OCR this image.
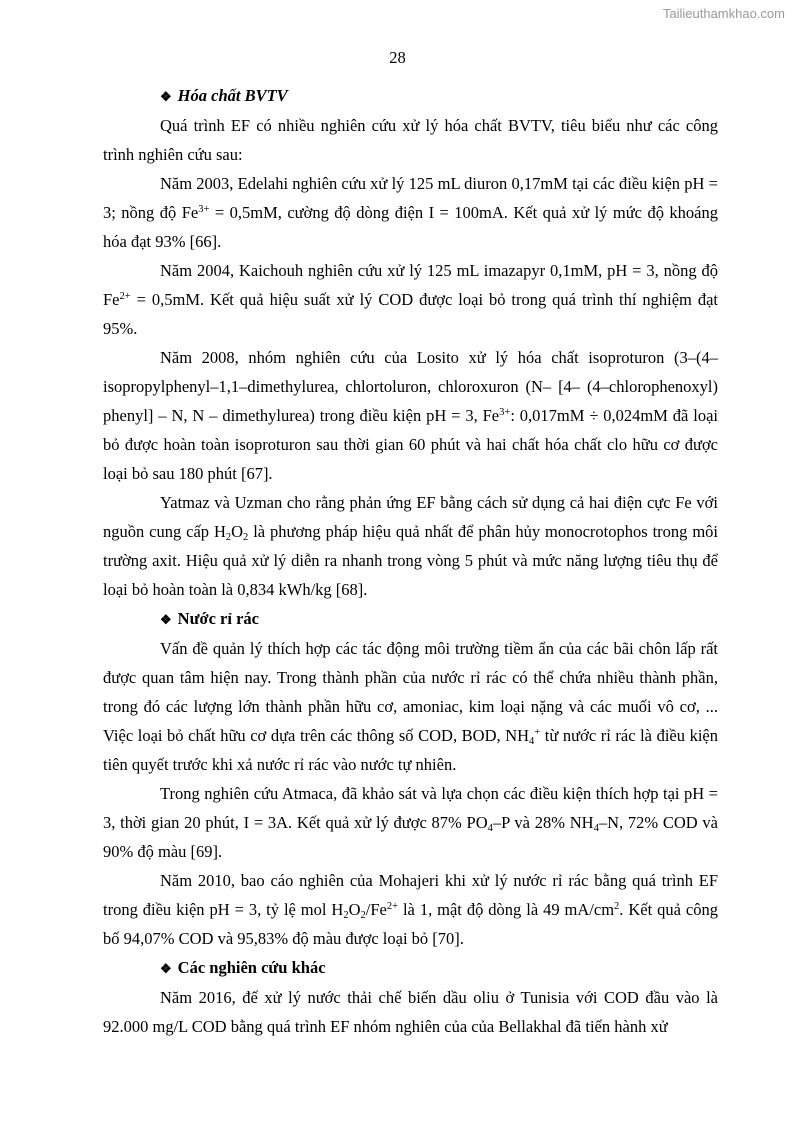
Tailieuthamkhao.com
28

❖ Hóa chất BVTV

Quá trình EF có nhiều nghiên cứu xử lý hóa chất BVTV, tiêu biểu như các công trình nghiên cứu sau:

Năm 2003, Edelahi nghiên cứu xử lý 125 mL diuron 0,17mM tại các điều kiện pH = 3; nồng độ $Fe^{3+} = 0,5mM$, cường độ dòng điện I = 100mA. Kết quả xử lý mức độ khoáng hóa đạt 93% [66].

Năm 2004, Kaichouh nghiên cứu xử lý 125 mL imazapyr 0,1mM, pH = 3, nồng độ $Fe^{2+} = 0,5mM$. Kết quả hiệu suất xử lý COD được loại bỏ trong quá trình thí nghiệm đạt 95%.

Năm 2008, nhóm nghiên cứu của Losito xử lý hóa chất isoproturon (3–(4–isopropylphenyl–1,1–dimethylurea, chlortoluron, chloroxuron (N– [4– (4–chlorophenoxyl) phenyl] – N, N – dimethylurea) trong điều kiện pH = 3, $Fe^{3+}$: 0,017mM ÷ 0,024mM đã loại bỏ được hoàn toàn isoproturon sau thời gian 60 phút và hai chất hóa chất clo hữu cơ được loại bỏ sau 180 phút [67].

Yatmaz và Uzman cho rằng phản ứng EF bằng cách sử dụng cả hai điện cực Fe với nguồn cung cấp $H_2O_2$ là phương pháp hiệu quả nhất để phân hủy monocrotophos trong môi trường axit. Hiệu quả xử lý diễn ra nhanh trong vòng 5 phút và mức năng lượng tiêu thụ để loại bỏ hoàn toàn là 0,834 kWh/kg [68].

❖ Nước rỉ rác

Vấn đề quản lý thích hợp các tác động môi trường tiềm ẩn của các bãi chôn lấp rất được quan tâm hiện nay. Trong thành phần của nước rỉ rác có thể chứa nhiều thành phần, trong đó các lượng lớn thành phần hữu cơ, amoniac, kim loại nặng và các muối vô cơ, ... Việc loại bỏ chất hữu cơ dựa trên các thông số COD, BOD, $NH_4^+$ từ nước rỉ rác là điều kiện tiên quyết trước khi xả nước rỉ rác vào nước tự nhiên.

Trong nghiên cứu Atmaca, đã khảo sát và lựa chọn các điều kiện thích hợp tại pH = 3, thời gian 20 phút, I = 3A. Kết quả xử lý được 87% $PO_4-P$ và 28% $NH_4-N$, 72% COD và 90% độ màu [69].

Năm 2010, bao cáo nghiên của Mohajeri khi xử lý nước rỉ rác bằng quá trình EF trong điều kiện pH = 3, tỷ lệ mol $H_2O_2/Fe^{2+}$ là 1, mật độ dòng là 49 $mA/cm^2$. Kết quả công bố 94,07% COD và 95,83% độ màu được loại bỏ [70].

❖ Các nghiên cứu khác

Năm 2016, để xử lý nước thải chế biến dầu oliu ở Tunisia với COD đầu vào là 92.000 mg/L COD bằng quá trình EF nhóm nghiên của của Bellakhal đã tiến hành xử
